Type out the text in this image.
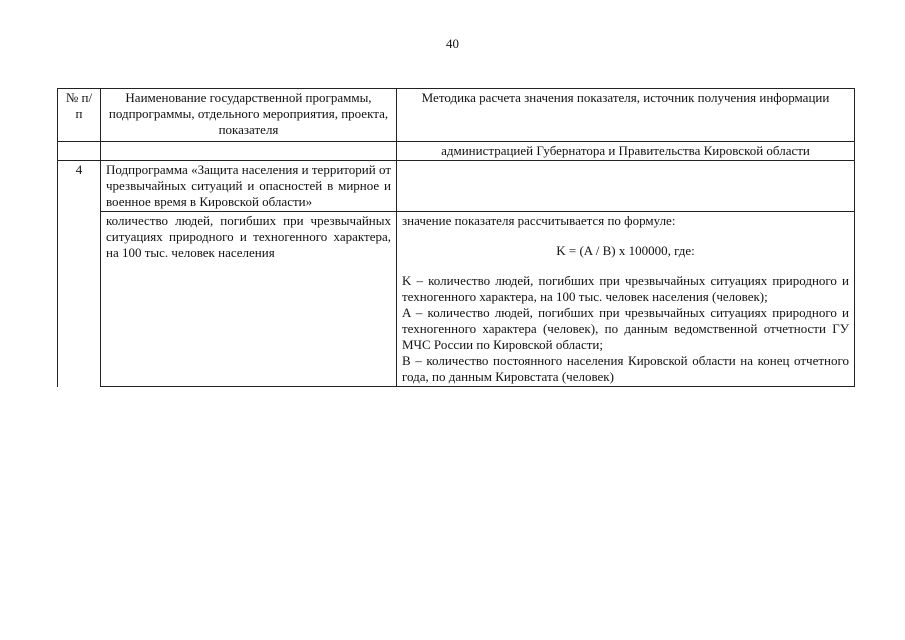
40
№ п/п	Наименование государственной программы, подпрограммы, отдельного мероприятия, проекта, показателя	Методика расчета значения показателя, источник получения информации
		администрацией Губернатора и Правительства Кировской области
4	Подпрограмма «Защита населения и территорий от чрезвычайных ситуаций и опасностей в мирное и военное время в Кировской области»	
	количество людей, погибших при чрезвычайных ситуациях природного и техногенного характера, на 100 тыс. человек населения	значение показателя рассчитывается по формуле:
K = (A / B) x 100000, где:
K – количество людей, погибших при чрезвычайных ситуациях природного и техногенного характера, на 100 тыс. человек населения (человек);
A – количество людей, погибших при чрезвычайных ситуациях природного и техногенного характера (человек), по данным ведомственной отчетности ГУ МЧС России по Кировской области;
B – количество постоянного населения Кировской области на конец отчетного года, по данным Кировстата (человек)
